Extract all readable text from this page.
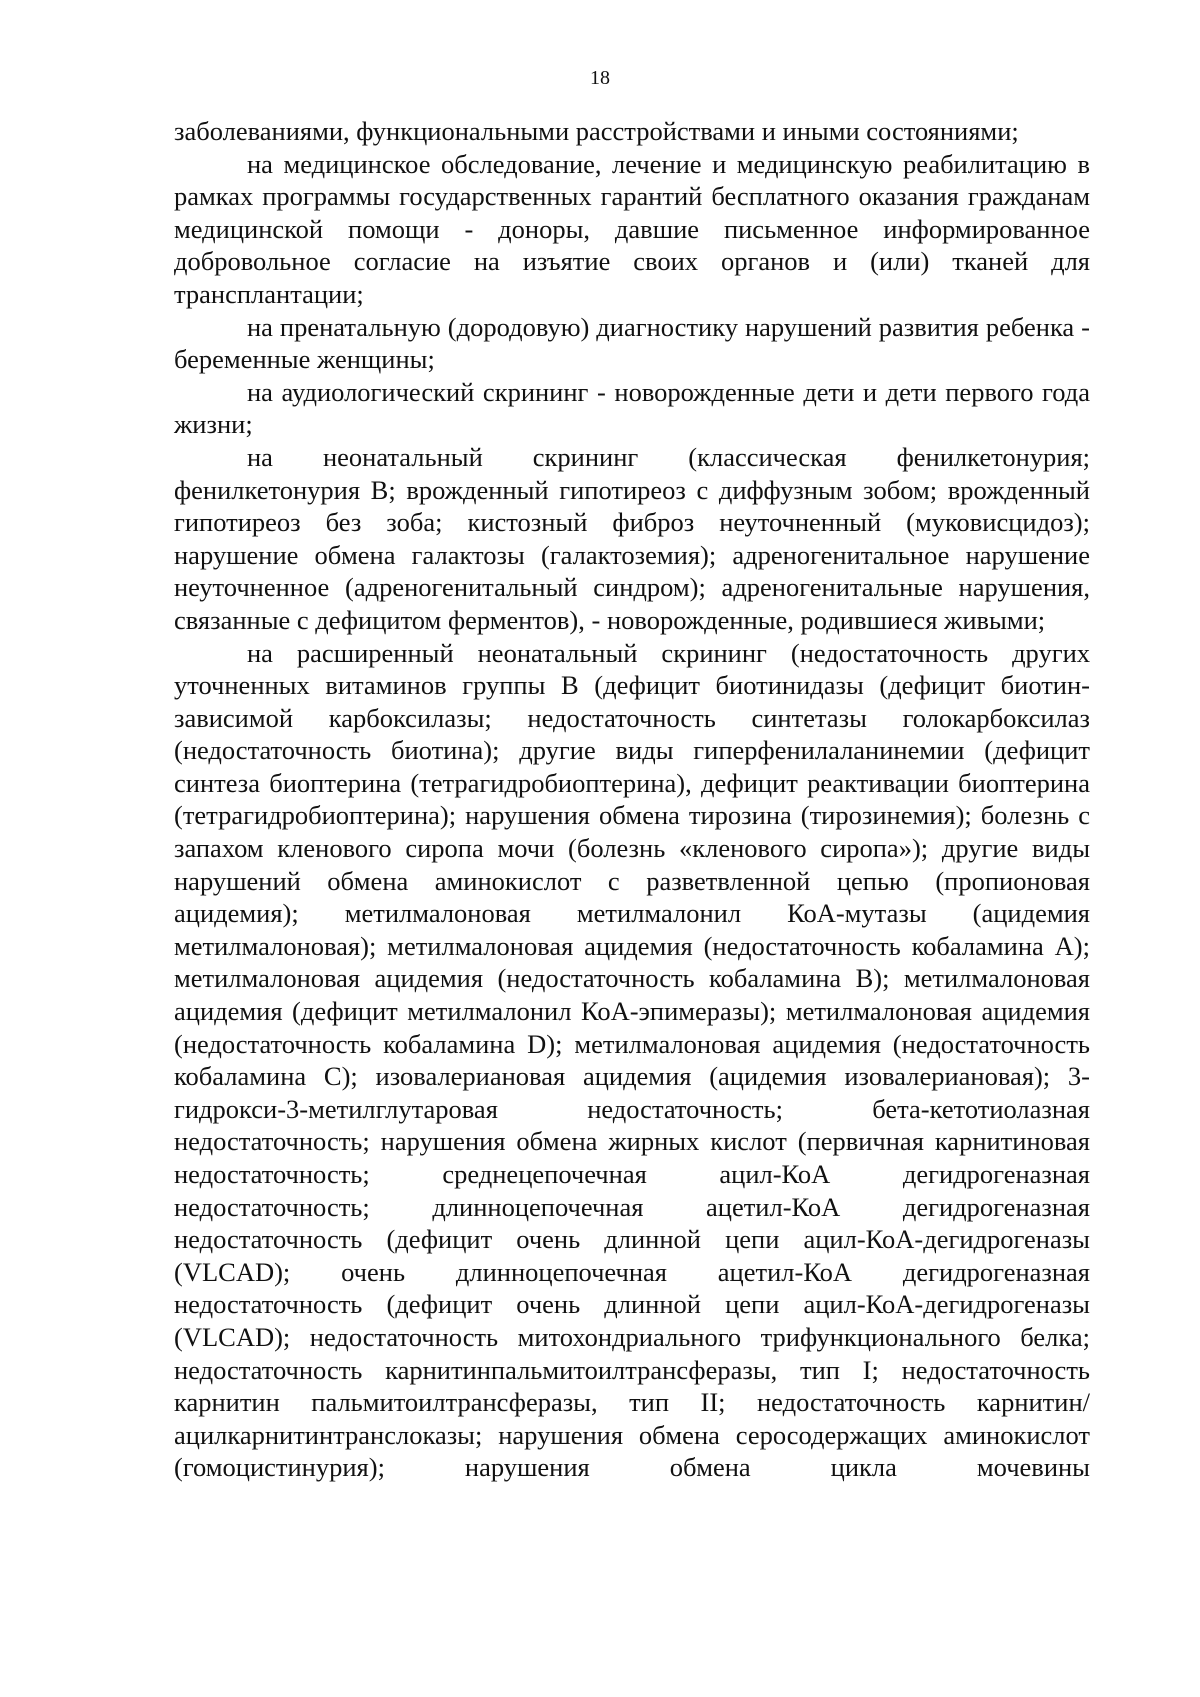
18

заболеваниями, функциональными расстройствами и иными состояниями;

на медицинское обследование, лечение и медицинскую реабилитацию в рамках программы государственных гарантий бесплатного оказания гражданам медицинской помощи - доноры, давшие письменное информированное добровольное согласие на изъятие своих органов и (или) тканей для трансплантации;

на пренатальную (дородовую) диагностику нарушений развития ребенка - беременные женщины;

на аудиологический скрининг - новорожденные дети и дети первого года жизни;

на неонатальный скрининг (классическая фенилкетонурия; фенилкетонурия В; врожденный гипотиреоз с диффузным зобом; врожденный гипотиреоз без зоба; кистозный фиброз неуточненный (муковисцидоз); нарушение обмена галактозы (галактоземия); адреногенитальное нарушение неуточненное (адреногенитальный синдром); адреногенитальные нарушения, связанные с дефицитом ферментов), - новорожденные, родившиеся живыми;

на расширенный неонатальный скрининг (недостаточность других уточненных витаминов группы В (дефицит биотинидазы (дефицит биотин-зависимой карбоксилазы; недостаточность синтетазы голокарбоксилаз (недостаточность биотина); другие виды гиперфенилаланинемии (дефицит синтеза биоптерина (тетрагидробиоптерина), дефицит реактивации биоптерина (тетрагидробиоптерина); нарушения обмена тирозина (тирозинемия); болезнь с запахом кленового сиропа мочи (болезнь «кленового сиропа»); другие виды нарушений обмена аминокислот с разветвленной цепью (пропионовая ацидемия); метилмалоновая метилмалонил КоА-мутазы (ацидемия метилмалоновая); метилмалоновая ацидемия (недостаточность кобаламина А); метилмалоновая ацидемия (недостаточность кобаламина В); метилмалоновая ацидемия (дефицит метилмалонил КоА-эпимеразы); метилмалоновая ацидемия (недостаточность кобаламина D); метилмалоновая ацидемия (недостаточность кобаламина С); изовалериановая ацидемия (ацидемия изовалериановая); 3-гидрокси-3-метилглутаровая недостаточность; бета-кетотиолазная недостаточность; нарушения обмена жирных кислот (первичная карнитиновая недостаточность; среднецепочечная ацил-КоА дегидрогеназная недостаточность; длинноцепочечная ацетил-КоА дегидрогеназная недостаточность (дефицит очень длинной цепи ацил-КоА-дегидрогеназы (VLCAD); очень длинноцепочечная ацетил-КоА дегидрогеназная недостаточность (дефицит очень длинной цепи ацил-КоА-дегидрогеназы (VLCAD); недостаточность митохондриального трифункционального белка; недостаточность карнитинпальмитоилтрансферазы, тип I; недостаточность карнитин пальмитоилтрансферазы, тип II; недостаточность карнитин/ацилкарнитинтранслоказы; нарушения обмена серосодержащих аминокислот (гомоцистинурия); нарушения обмена цикла мочевины
